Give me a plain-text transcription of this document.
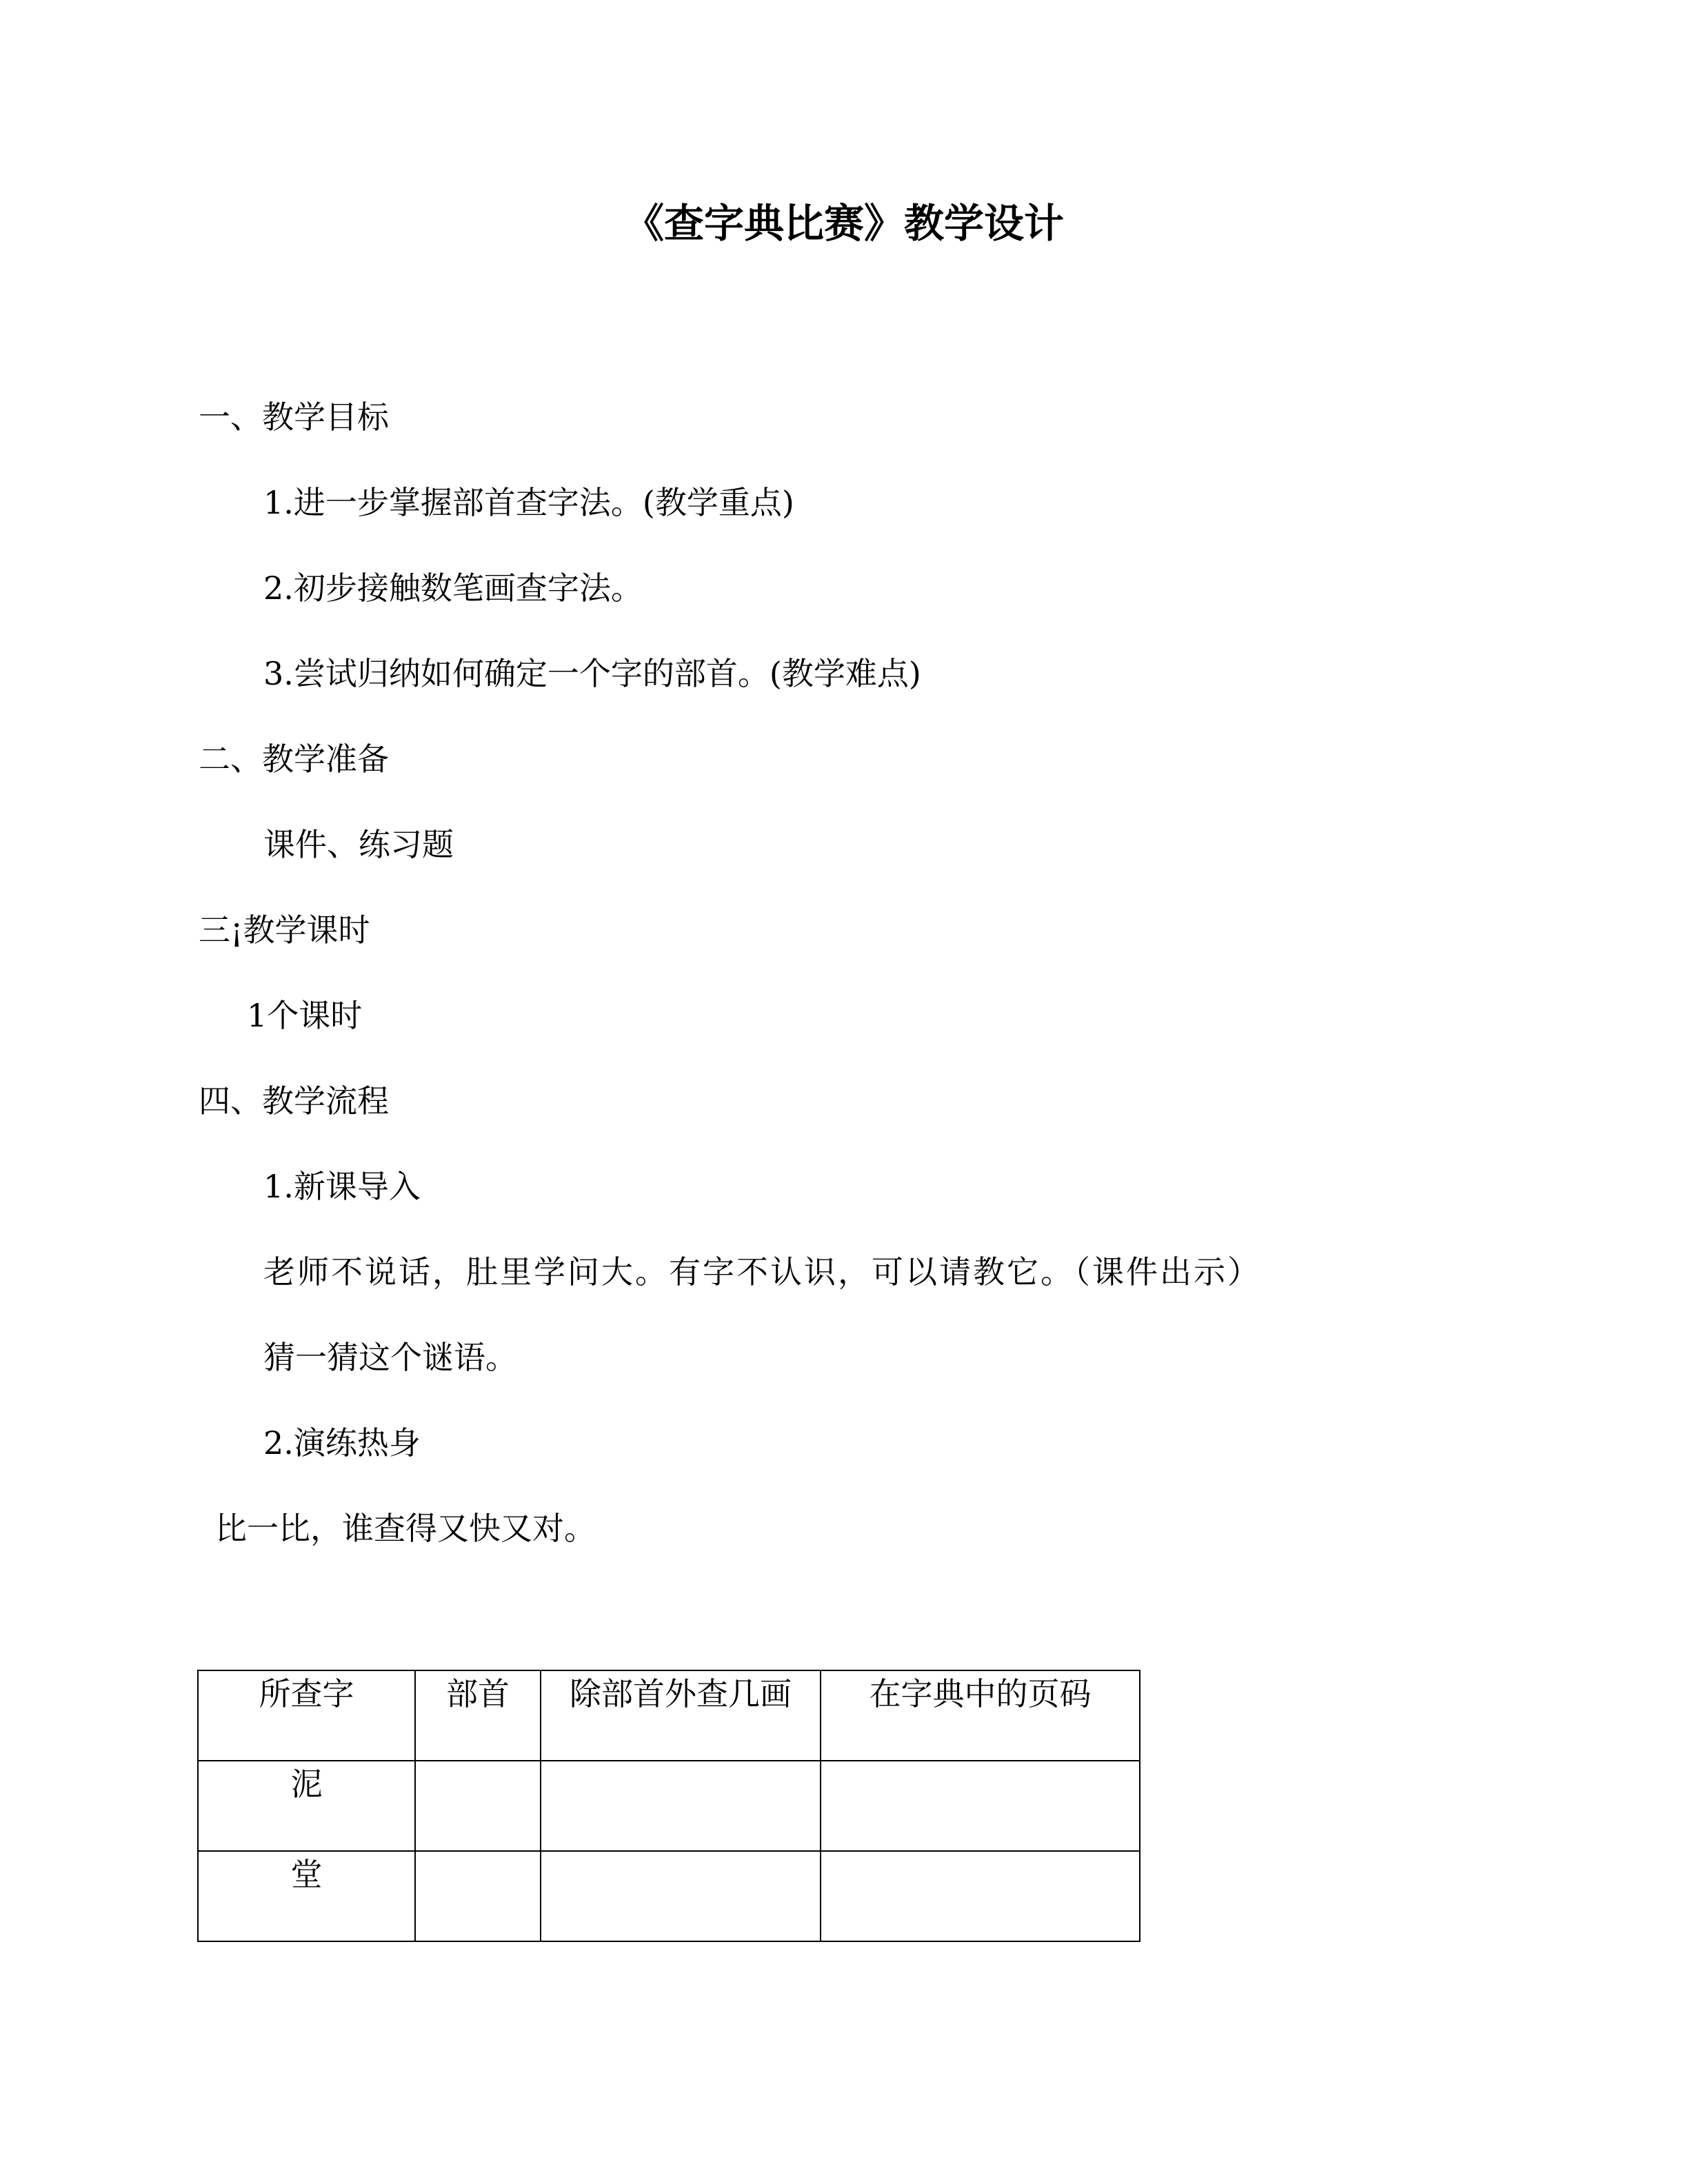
《查字典比赛》教学设计
一、教学目标
1.进一步掌握部首查字法。(教学重点)
2.初步接触数笔画查字法。
3.尝试归纳如何确定一个字的部首。(教学难点)
二、教学准备
课件、练习题
三¡教学课时
1个课时
四、教学流程
1.新课导入
老师不说话，肚里学问大。有字不认识，可以请教它。（课件出示）
猜一猜这个谜语。
2.演练热身
比一比，谁查得又快又对。
所查字	部首	除部首外查几画	在字典中的页码
泥			
堂			
